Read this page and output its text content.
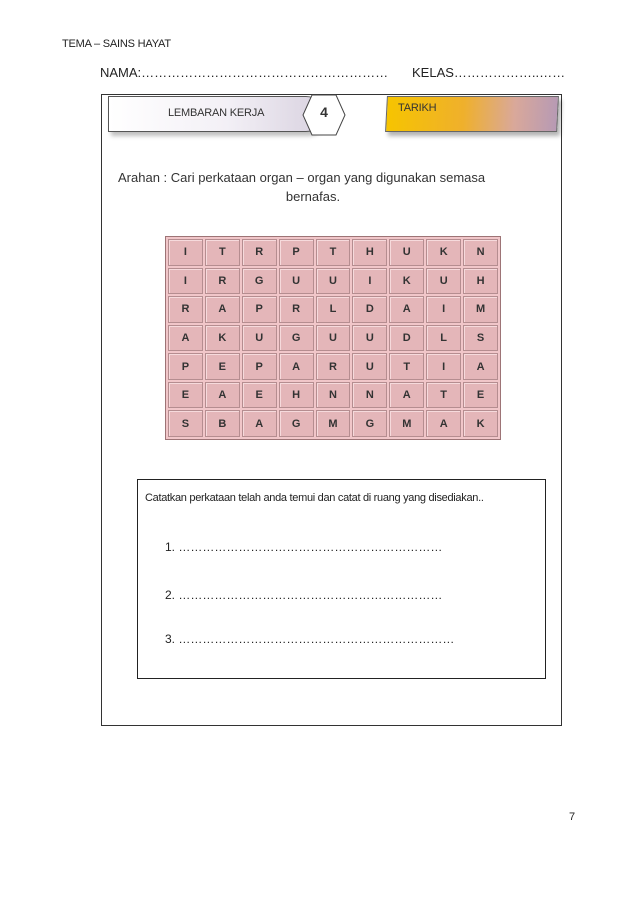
TEMA – SAINS HAYAT
NAMA:………………………………………………… KELAS………………..……
LEMBARAN KERJA	4	TARIKH
Arahan : Cari perkataan organ – organ yang digunakan semasa
bernafas.
I	T	R	P	T	H	U	K	N
I	R	G	U	U	I	K	U	H
R	A	P	R	L	D	A	I	M
A	K	U	G	U	U	D	L	S
P	E	P	A	R	U	T	I	A
E	A	E	H	N	N	A	T	E
S	B	A	G	M	G	M	A	K
Catatkan perkataan telah anda temui dan catat di ruang yang disediakan..
1. …………………………………………………………
2. …………………………………………………………
3. ……………………………………………………………
7
